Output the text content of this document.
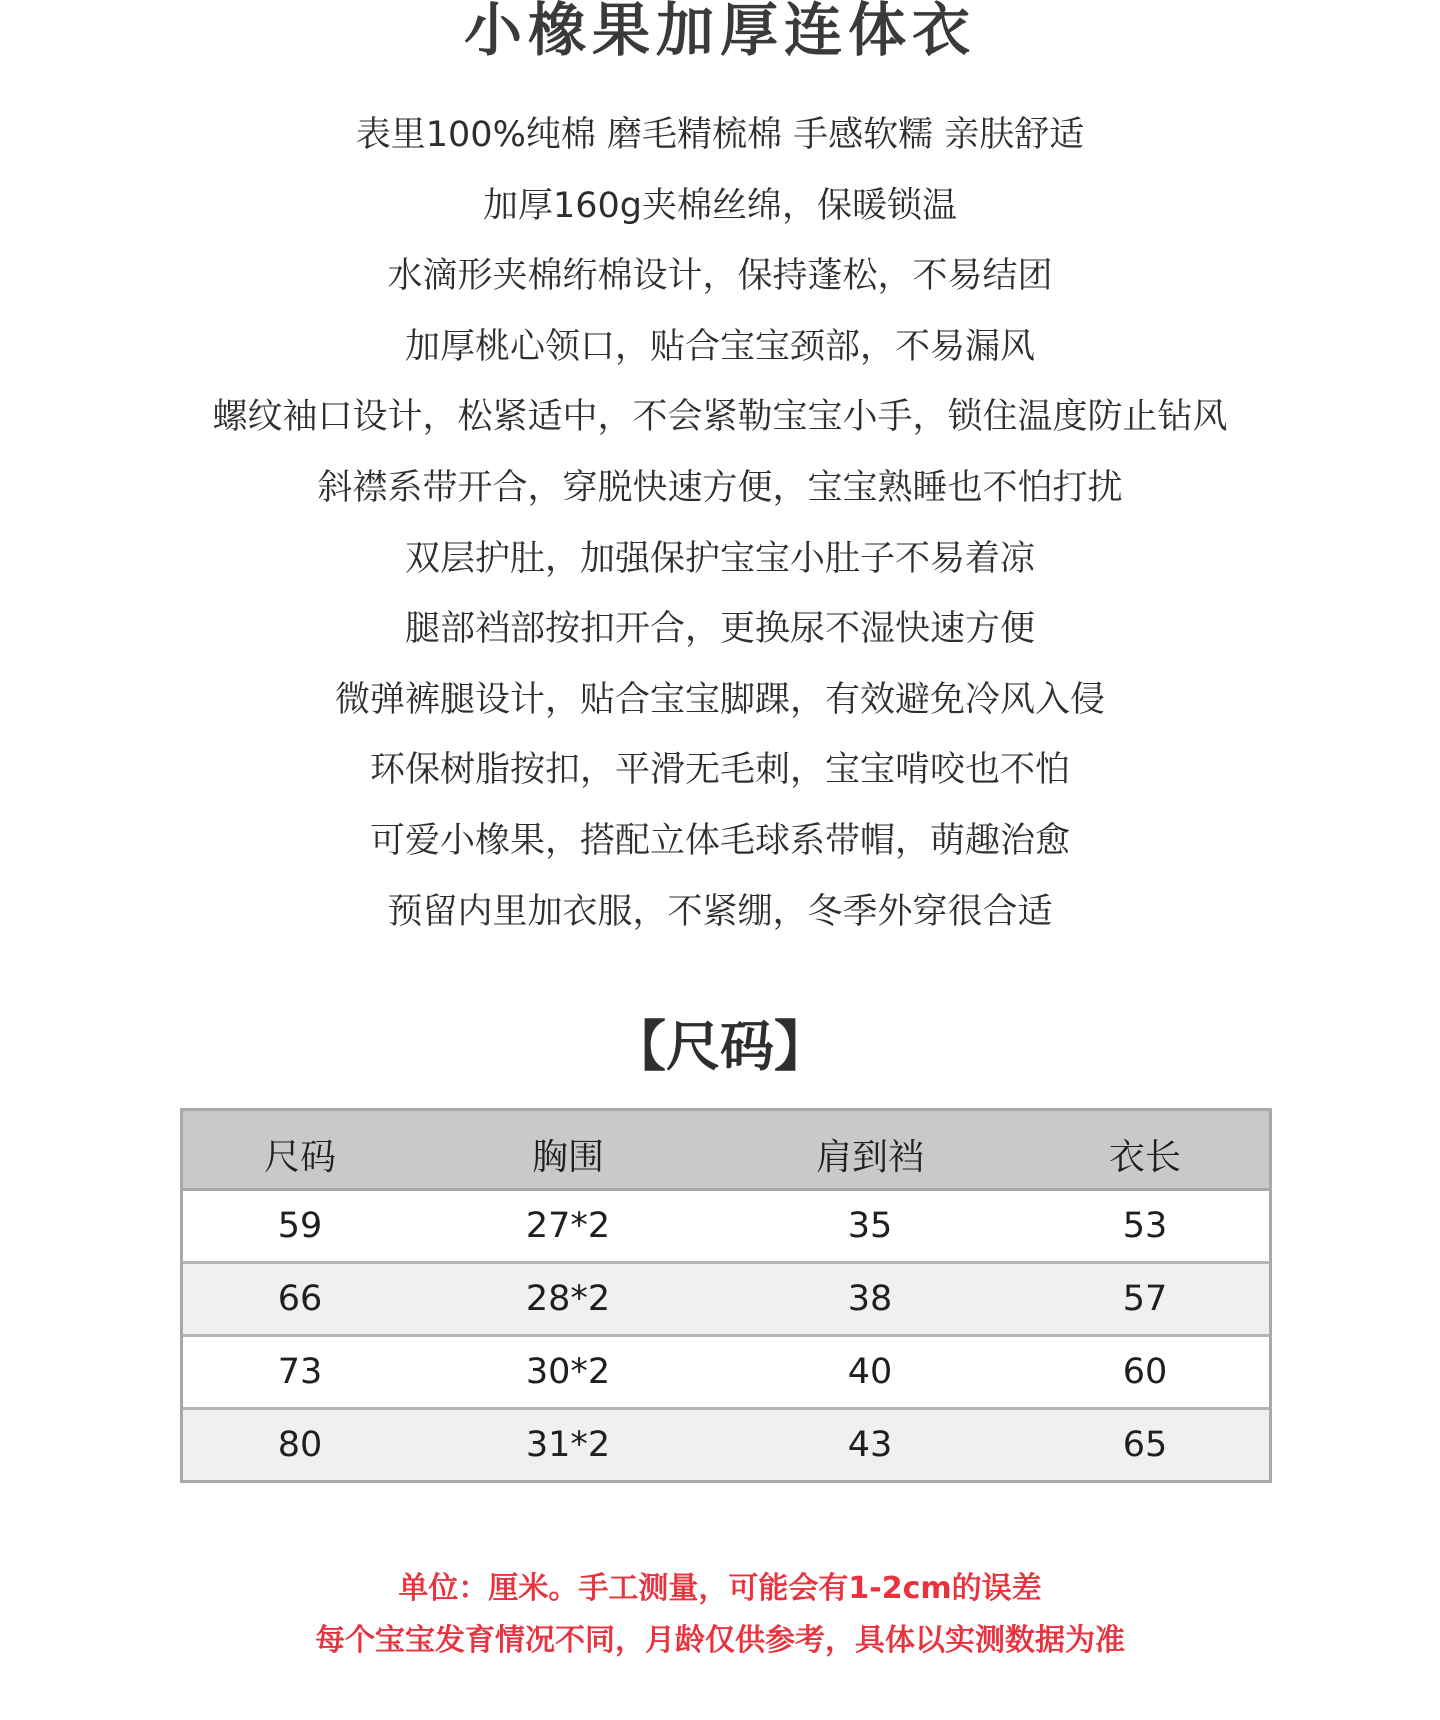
小橡果加厚连体衣
表里100%纯棉 磨毛精梳棉 手感软糯 亲肤舒适
加厚160g夹棉丝绵，保暖锁温
水滴形夹棉绗棉设计，保持蓬松，不易结团
加厚桃心领口，贴合宝宝颈部，不易漏风
螺纹袖口设计，松紧适中，不会紧勒宝宝小手，锁住温度防止钻风
斜襟系带开合，穿脱快速方便，宝宝熟睡也不怕打扰
双层护肚，加强保护宝宝小肚子不易着凉
腿部裆部按扣开合，更换尿不湿快速方便
微弹裤腿设计，贴合宝宝脚踝，有效避免冷风入侵
环保树脂按扣，平滑无毛刺，宝宝啃咬也不怕
可爱小橡果，搭配立体毛球系带帽，萌趣治愈
预留内里加衣服，不紧绷，冬季外穿很合适
【尺码】
尺码	胸围	肩到裆	衣长
59	27*2	35	53
66	28*2	38	57
73	30*2	40	60
80	31*2	43	65
单位：厘米。手工测量，可能会有1-2cm的误差
每个宝宝发育情况不同，月龄仅供参考，具体以实测数据为准
